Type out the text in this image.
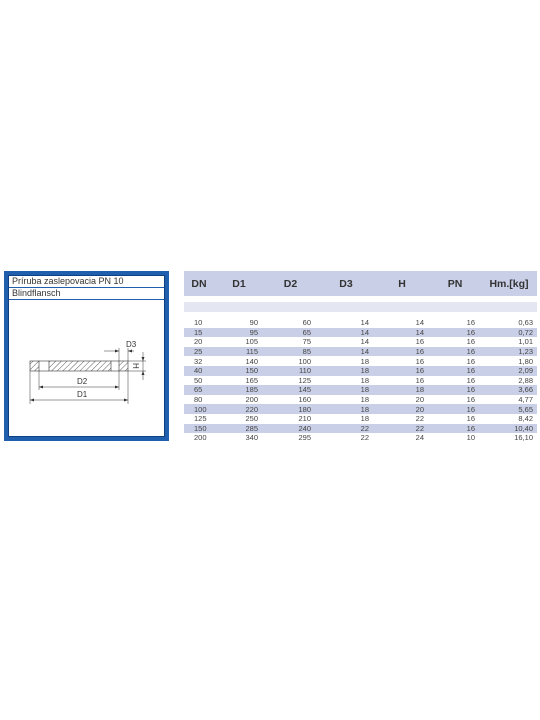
Príruba zaslepovacia PN 10
Blindflansch
D3
H
D2
D1
DN	D1	D2	D3	H	PN	Hm.[kg]
10	90	60	14	14	16	0,63
15	95	65	14	14	16	0,72
20	105	75	14	16	16	1,01
25	115	85	14	16	16	1,23
32	140	100	18	16	16	1,80
40	150	110	18	16	16	2,09
50	165	125	18	16	16	2,88
65	185	145	18	18	16	3,66
80	200	160	18	20	16	4,77
100	220	180	18	20	16	5,65
125	250	210	18	22	16	8,42
150	285	240	22	22	16	10,40
200	340	295	22	24	10	16,10
